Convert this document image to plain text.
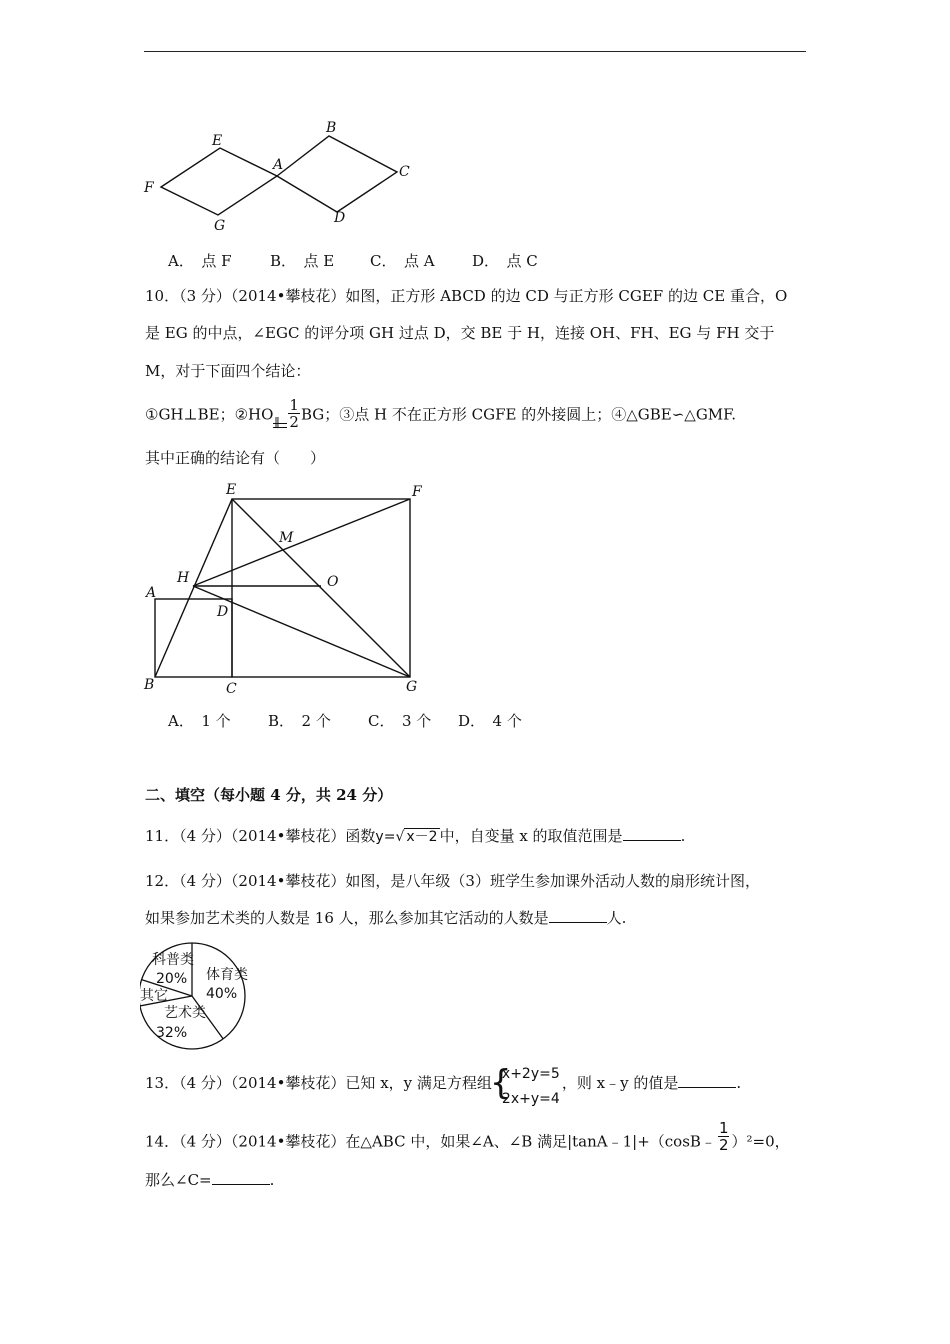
E
B
A	C
F
G	D
A．　点 F	B．　点 E C．　点 A D．　点 C
10．（3 分）（2014•攀枝花）如图，正方形 ABCD 的边 CD 与正方形 CGEF 的边 CE 重合，O
是 EG 的中点，∠EGC 的评分项 GH 过点 D，交 BE 于 H，连接 OH、FH、EG 与 FH 交于
M，对于下面四个结论：
①GH⊥BE；②HO ∥ $\frac{1}{2}$ BG；③点 H 不在正方形 CGFE 的外接圆上；④△GBE∽△GMF.
其中正确的结论有（　　）
E	F
M
H	O
A
D
B	C	G
A．　1 个 B．　2 个 C．　3 个 D．　4 个
二、填空（每小题 4 分，共 24 分）
11．（4 分）（2014•攀枝花）函数y=√ x－2 中，自变量 x 的取值范围是	.
12．（4 分）（2014•攀枝花）如图，是八年级（3）班学生参加课外活动人数的扇形统计图，
如果参加艺术类的人数是 16 人，那么参加其它活动的人数是	人.
体育类
40%
艺术类
32%
其它
科普类
20%
13．（4 分）（2014•攀枝花）已知 x，y 满足方程组
{
x+2y=5
2x+y=4
，则 x﹣y 的值是	.
14．（4 分）（2014•攀枝花）在△ABC 中，如果∠A、∠B 满足|tanA﹣1|+（cosB﹣ $\frac{1}{2} )^2=0$，
那么∠C=	.
